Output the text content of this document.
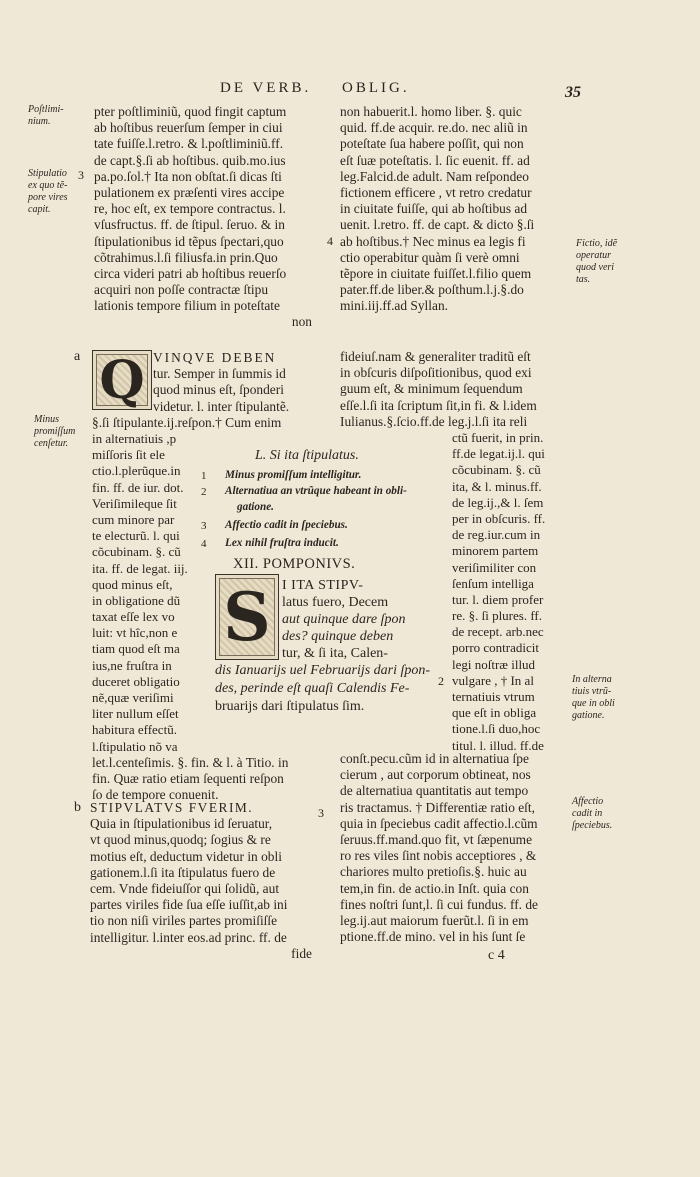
DE VERB. OBLIG.	35
Poſtlimi-
nium.
Stipulatio
ex quo tẽ-
pore vires
capit.
Minus
promiſſum
cenſetur.
Fictio, idẽ
operatur
quod veri
tas.
In alterna
tiuis vtrũ-
que in obli
gatione.
Affectio
cadit in
ſpeciebus.
pter poſtliminiũ, quod fingit captum
ab hoſtibus reuerſum ſemper in ciui
tate fuiſſe.l.retro. & l.poſtliminiũ.ff.
de capt.§.ſi ab hoſtibus. quib.mo.ius
pa.po.ſol.† Ita non obſtat.ſi dicas ſti
pulationem ex præſenti vires accipe
re, hoc eſt, ex tempore contractus. l.
vſusfructus. ff. de ſtipul. ſeruo. & in
ſtipulationibus id tẽpus ſpectari,quo
cõtrahimus.l.ſi filiusfa.in prin.Quo
circa videri patri ab hoſtibus reuerſo
acquiri non poſſe contractæ ſtipu
lationis tempore filium in poteſtate
non
3
non habuerit.l. homo liber. §. quic
quid. ff.de acquir. re.do. nec aliũ in
poteſtate ſua habere poſſit, qui non
eſt ſuæ poteſtatis. l. ſic euenit. ff. ad
leg.Falcid.de adult. Nam reſpondeo
fictionem efficere , vt retro credatur
in ciuitate fuiſſe, qui ab hoſtibus ad
uenit. l.retro. ff. de capt. & dicto §.ſi
ab hoſtibus.† Nec minus ea legis fi
ctio operabitur quàm ſi verè omni
tẽpore in ciuitate fuiſſet.l.filio quem
pater.ff.de liber.& poſthum.l.j.§.do
mini.iij.ff.ad Syllan.
4
a Q VINQVE DEBEN
tur. Semper in ſummis id
quod minus eſt, ſponderi
videtur. l. inter ſtipulantẽ.
§.ſi ſtipulante.ij.reſpon.† Cum enim
in alternatiuis ,p
miſſoris ſit ele
ctio.l.plerũque.in
fin. ff. de iur. dot.
Veriſimileque ſit
cum minore par
te electurũ. l. qui
cõcubinam. §. cũ
ita. ff. de legat. iij.
quod minus eſt,
in obligatione dũ
taxat eſſe lex vo
luit: vt hîc,non e
tiam quod eſt ma
ius,ne fruſtra in
duceret obligatio
nẽ,quæ veriſimi
liter nullum eſſet
habitura effectũ.
l.ſtipulatio nõ va
let.l.centeſimis. §. fin. & l. à Titio. in
fin. Quæ ratio etiam ſequenti reſpon
ſo de tempore conuenit.
L. Si ita ſtipulatus.
1 Minus promiſſum intelligitur.
2 Alternatiua an vtrũque habeant in obli-
gatione.
3 Affectio cadit in ſpeciebus.
4 Lex nihil fruſtra inducit.
XII. POMPONIVS.
S I ITA STIPV-
latus fuero, Decem
aut quinque dare ſpon
des? quinque deben
tur, & ſi ita, Calen-
dis Ianuarijs uel Februarijs dari ſpon-
des, perinde eſt quaſi Calendis Fe-
bruarijs dari ſtipulatus ſim.
fideiuſ.nam & generaliter traditũ eſt
in obſcuris diſpoſitionibus, quod exi
guum eſt, & minimum ſequendum
eſſe.l.ſi ita ſcriptum ſit,in fi. & l.idem
Iulianus.§.ſcio.ff.de leg.j.l.ſi ita reli
ctũ fuerit, in prin.
ff.de legat.ij.l. qui
cõcubinam. §. cũ
ita, & l. minus.ff.
de leg.ij.,& l. ſem
per in obſcuris. ff.
de reg.iur.cum in
minorem partem
veriſimiliter con
ſenſum intelliga
tur. l. diem profer
re. §. ſi plures. ff.
de recept. arb.nec
porro contradicit
legi noſtræ illud
vulgare , † In al
ternatiuis vtrum
que eſt in obliga
tione.l.ſi duo,hoc
titul. l. illud. ff.de
2
b STIPVLATVS FVERIM.
Quia in ſtipulationibus id ſeruatur,
vt quod minus,quodq; ſogius & re
motius eſt, deductum videtur in obli
gationem.l.ſi ita ſtipulatus fuero de
cem. Vnde fideiuſſor qui ſolidũ, aut
partes viriles fide ſua eſſe iuſſit,ab ini
tio non niſi viriles partes promiſiſſe
intelligitur. l.inter eos.ad princ. ff. de
fide
3
conſt.pecu.cũm id in alternatiua ſpe
cierum , aut corporum obtineat, nos
de alternatiua quantitatis aut tempo
ris tractamus. † Differentiæ ratio eſt,
quia in ſpeciebus cadit affectio.l.cũm
ſeruus.ff.mand.quo fit, vt ſæpenume
ro res viles ſint nobis acceptiores , &
chariores multo pretioſis.§. huic au
tem,in fin. de actio.in Inſt. quia con
fines noſtri ſunt,l. ſi cui fundus. ff. de
leg.ij.aut maiorum fuerũt.l. ſi in em
ptione.ff.de mino. vel in his ſunt ſe
c 4
